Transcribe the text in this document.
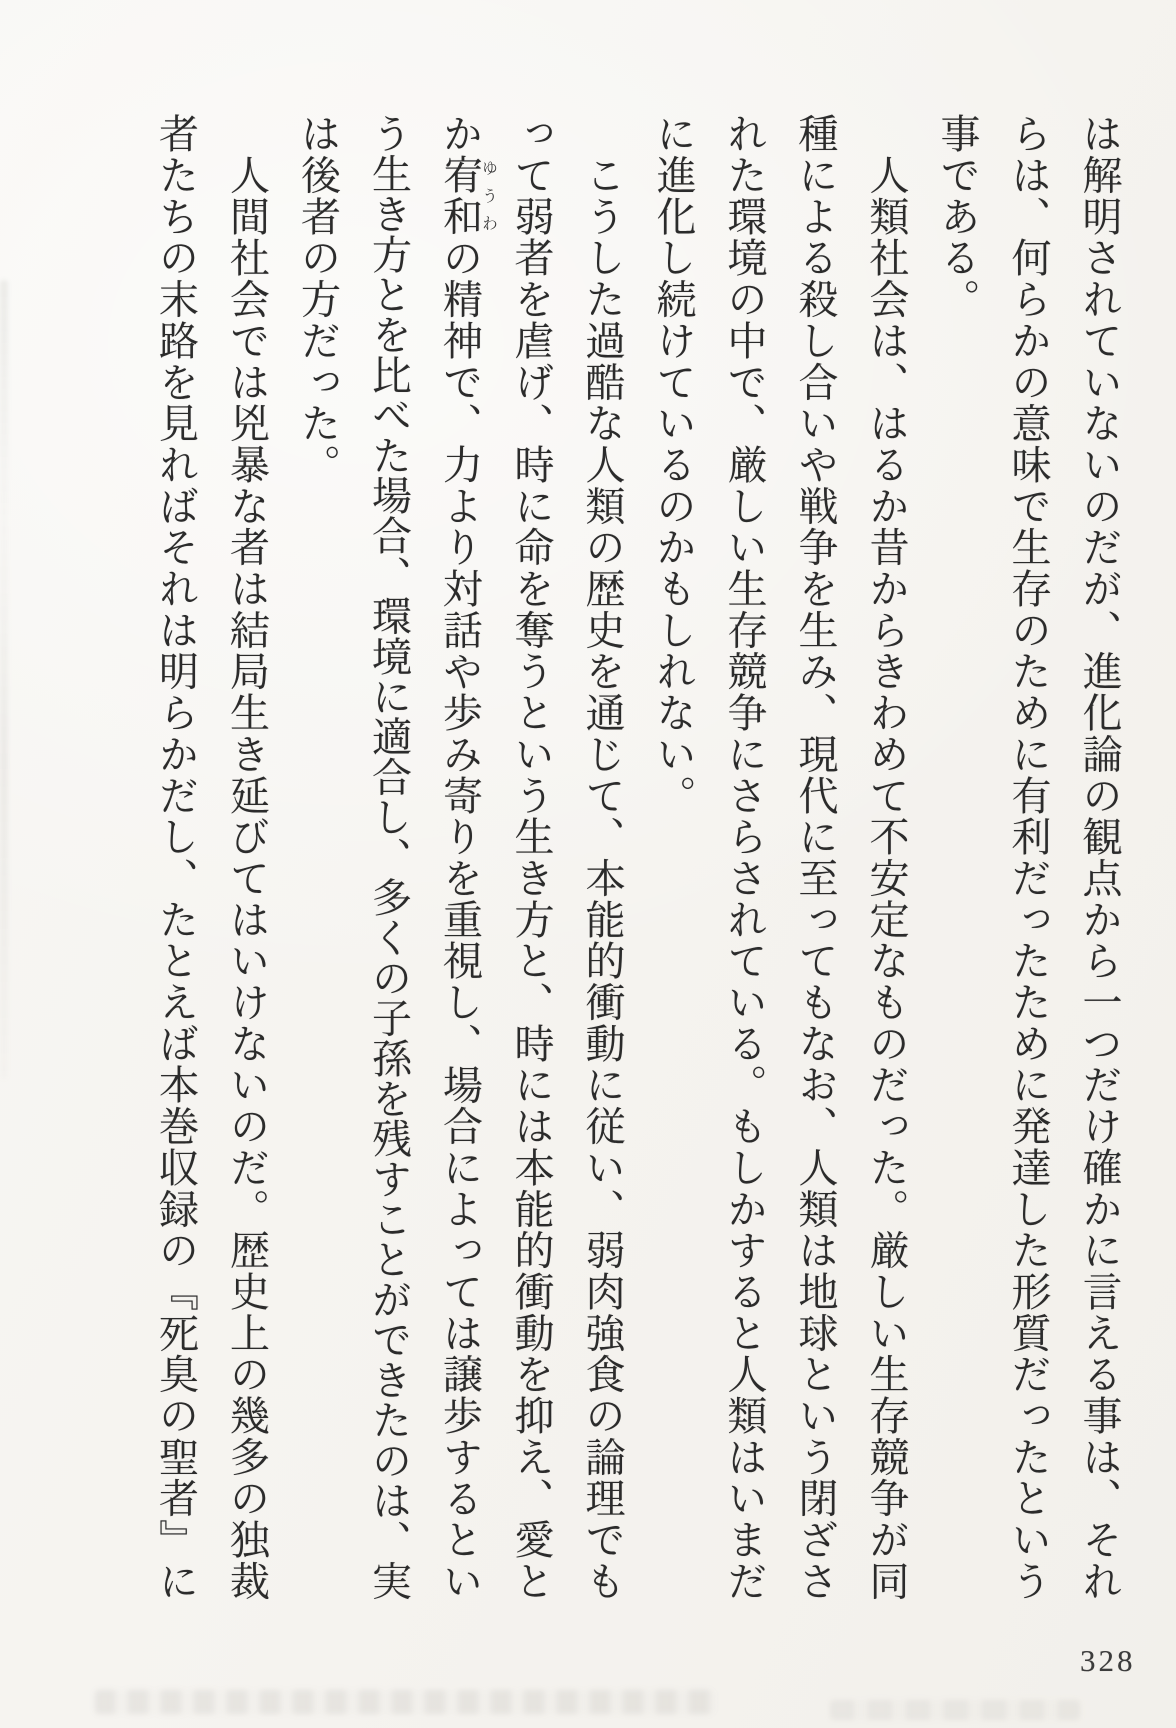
は解明されていないのだが、進化論の観点から一つだけ確かに言える事は、それ
らは、何らかの意味で生存のために有利だったために発達した形質だったという
事である。
　人類社会は、はるか昔からきわめて不安定なものだった。厳しい生存競争が同
種による殺し合いや戦争を生み、現代に至ってもなお、人類は地球という閉ざさ
れた環境の中で、厳しい生存競争にさらされている。もしかすると人類はいまだ
に進化し続けているのかもしれない。
　こうした過酷な人類の歴史を通じて、本能的衝動に従い、弱肉強食の論理でも
って弱者を虐げ、時に命を奪うという生き方と、時には本能的衝動を抑え、愛と
か宥和ゆうわの精神で、力より対話や歩み寄りを重視し、場合によっては譲歩するとい
う生き方とを比べた場合、環境に適合し、多くの子孫を残すことができたのは、実
は後者の方だった。
　人間社会では兇暴な者は結局生き延びてはいけないのだ。歴史上の幾多の独裁
者たちの末路を見ればそれは明らかだし、たとえば本巻収録の『死臭の聖者』に
328
